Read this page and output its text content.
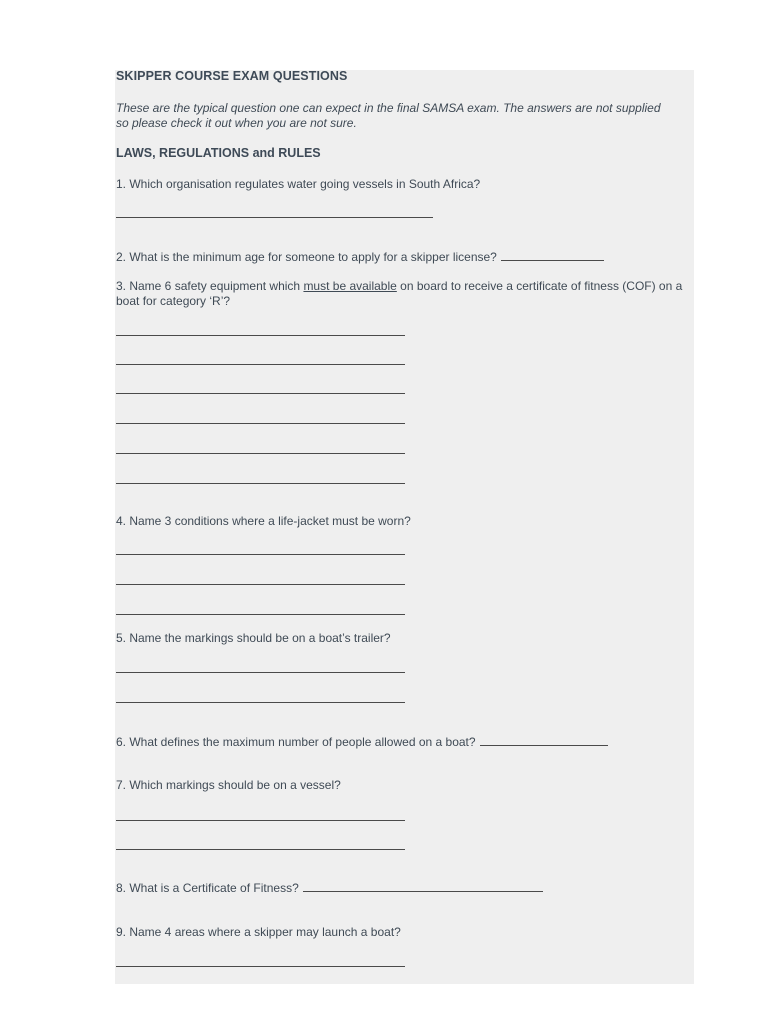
SKIPPER COURSE EXAM QUESTIONS
These are the typical question one can expect in the final SAMSA exam. The answers are not supplied so please check it out when you are not sure.
LAWS, REGULATIONS and RULES
1. Which organisation regulates water going vessels in South Africa?
2. What is the minimum age for someone to apply for a skipper license?
3. Name 6 safety equipment which must be available on board to receive a certificate of fitness (COF) on a boat for category ‘R’?
4. Name 3 conditions where a life-jacket must be worn?
5. Name the markings should be on a boat’s trailer?
6. What defines the maximum number of people allowed on a boat?
7. Which markings should be on a vessel?
8. What is a Certificate of Fitness?
9. Name 4 areas where a skipper may launch a boat?
